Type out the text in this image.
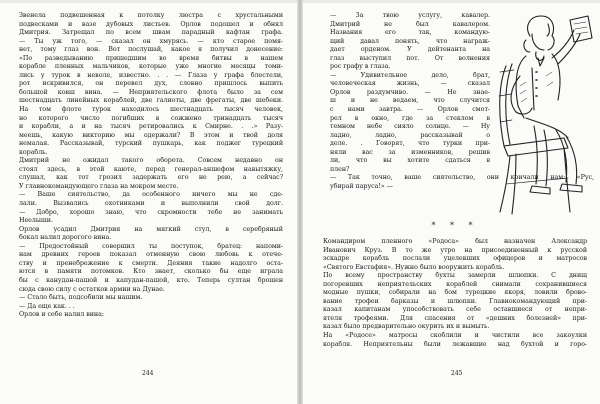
Звенела подвешенная к потолку люстра с хрустальными
подвесками и вазе дубовых листьев. Орлов подошел и обнял
Дмитрия. Затрещал по всем швам парадный кафтан графа.
— Ты уж того, — сказал он хмурясь. — кто старое помя-
нет, тому глаз вон. Вот послушай, какое я получил донесение:
«По разведыванию пришедшим во время битвы в нашем
корабле пленных мальчиков, которые уже многие месяцы томи-
лись у турок в неволе, известно. . . — Глаза у графа блестели,
рот искривился, он перевел дух, словно пришлось выпить
большой ковш вина. — Неприятельского флота было за сем
шестнадцать линейных кораблей, две галиоты, две фрегаты, две шебеки.
На том флоте турок находилось шестнадцать тысяч человек,
но которого число погибших в сожжено тринадцать тысяч
и корабли, а и на тысяч ретировались к Смирне. . .» Разу-
меешь, какую викторию мы одержали? В этом и твой доля
немалая. Рассказывай, турский пушкарь, как поджег турецкий
корабль.
Дмитрий не ожидал такого оборота. Совсем недавно он
стоял здесь, в этой каюте, перед генерал-аншефом навытяжку,
слушал, как тот грозил задержать его не рею, а сейчас?
У главнокомандующего глаза на мокром месте.
— Ваше сиятельство, да особенного ничего мы не сде-
лали. Вызвались охотниками и выполнили свой долг.
— Добро, хорошо знаю, что скромности тебе не занимать
Неелыши.
Орлов усадил Дмитрия на мягкий стул, в серебряный
бокал налил дорогого вина.
— Предостойный совершил ты поступок, братец: напоми-
нам древних героев показал отменную свою любовь к отече-
ству и пренебрежение к смерти. Деяния такие надолго оста-
ются в памяти потомков. Кто знает, сколько бы еще играла
бы с канудан-пашой и капудан-пашой, кто. Теперь султан брошен
сюда свою силу с остатков армии на Дунае.
— Стало быть, подсобили мы нашим.
— Да еще как. . .
Орлов и себе налил вина:
244
— За твою услугу, кавалер.
Дмитрий не был кавалером.
Названия его так, командую-
щий давал понять, что награж-
дает орденом. У дейтенанта на
глаз выступил пот. От волнения
рос графу в глаза.
— Удивительное дело, брат,
человеческая жизнь, — сказал
Орлов раздумчиво. — Не знае-
ш и не ведаем, что случится
с нами завтра. — Орлов смот-
рел в окно, где за стеклом в
темном небе сияло солнце. — Ну
ладно, ладно, рассказывай о
деле. . Говорят, что турки при-
няли вас за изменников, решив
ли, что вы хотите сдаться в
плен?
— Так точно, ваше сиятельство, они кричали нам: «Рус,
убирай паруса!» —
* * *
Командиром пленного «Родоса» был назначен Александр
Иванович Круз. В то же утро на присоединенный к русской
эскадре корабль послали уцелевших офицеров и матросов
«Святого Евстафия». Нужно было вооружить корабль.
По всему пространству бухты замерли шлюпки. С днищ
погоревших неприятельских кораблей снимали сохранившиеся
модные пушки, собирали на бом турецкие якоря, ловили брово-
вание трофеи барказы и шлюпки. Главнокомандующий при-
казал капитанам упособствовать себе оставшиеся от непри-
ятеля трофеями. Для спасения от «дешних болезней» при-
казал было предварительно окурить их и вымыть.
На «Родосе» матросы скоблили и чистили все закоулки
корабля. Неприятельны были лежавшие над бухтой и горо-
245
